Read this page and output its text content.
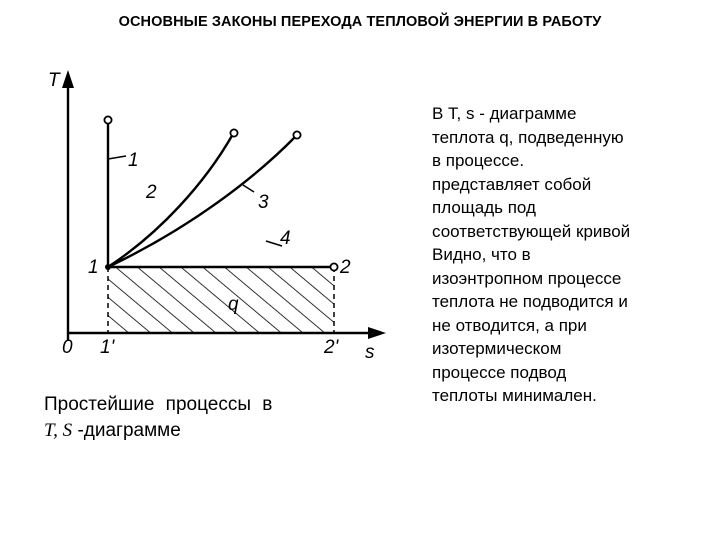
ОСНОВНЫЕ ЗАКОНЫ ПЕРЕХОДА ТЕПЛОВОЙ ЭНЕРГИИ В РАБОТУ
T
s
0
1	2
1'	2'
1
2	3
4
q
Простейшие процессы в
T, S -диаграмме
В Т, s - диаграмме
теплота q, подведенную
в процессе.
представляет собой
площадь под
соответствующей кривой
Видно, что в
изоэнтропном процессе
теплота не подводится и
не отводится, а при
изотермическом
процессе подвод
теплоты минимален.
